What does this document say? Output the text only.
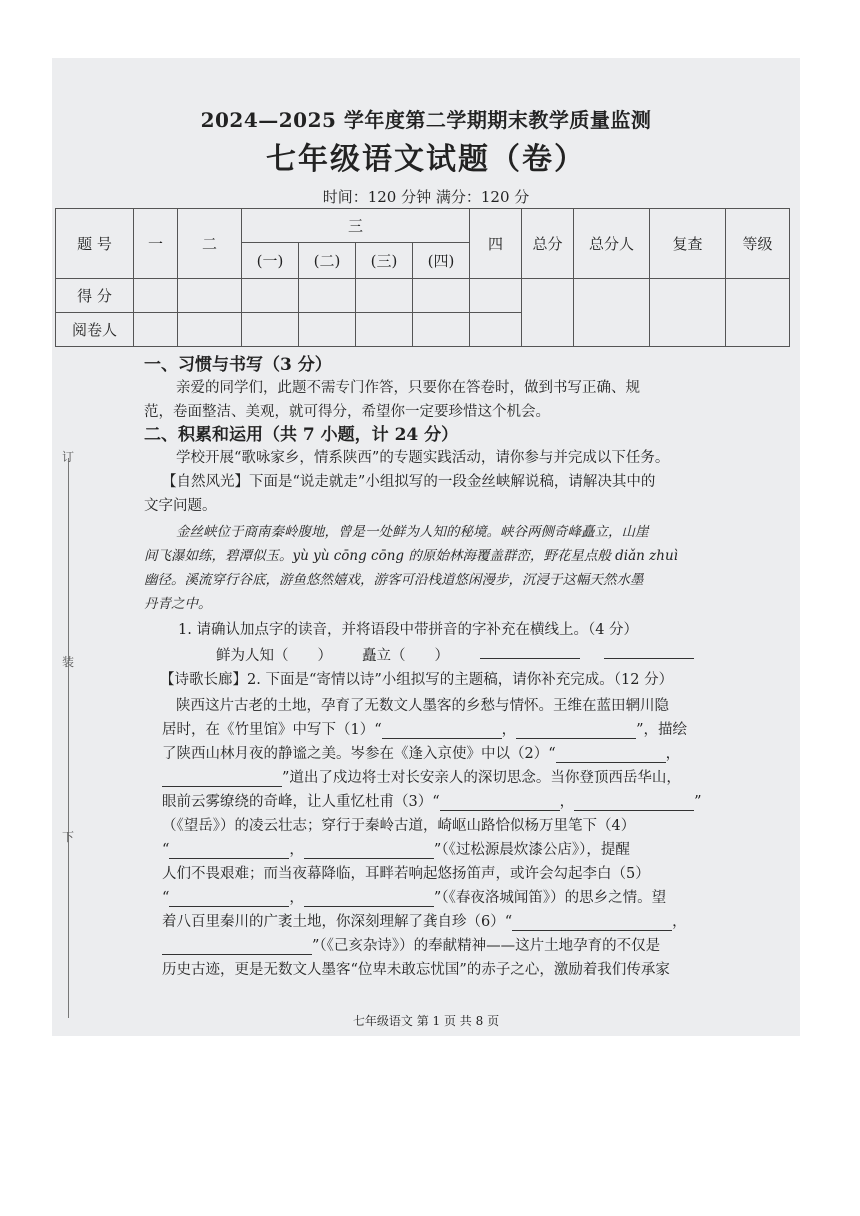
订
装
下
2024—2025 学年度第二学期期末教学质量监测
七年级语文试题（卷）
时间：120 分钟 满分：120 分
题 号	一	二	三				四	总分	总分人	复查	等级
			(一)	(二)	(三)	(四)					
得 分											
阅卷人											
一、习惯与书写（3 分）
亲爱的同学们，此题不需专门作答，只要你在答卷时，做到书写正确、规
范，卷面整洁、美观，就可得分，希望你一定要珍惜这个机会。
二、积累和运用（共 7 小题，计 24 分）
学校开展“歌咏家乡，情系陕西”的专题实践活动，请你参与并完成以下任务。
【自然风光】下面是“说走就走”小组拟写的一段金丝峡解说稿，请解决其中的
文字问题。
金丝峡位于商南秦岭腹地，曾是一处鲜为人知的秘境。峡谷两侧奇峰矗立，山崖
间飞瀑如练，碧潭似玉。yù yù cōng cōng 的原始林海覆盖群峦，野花星点般 diǎn zhuì
幽径。溪流穿行谷底，游鱼悠然嬉戏，游客可沿栈道悠闲漫步，沉浸于这幅天然水墨
丹青之中。
1. 请确认加点字的读音，并将语段中带拼音的字补充在横线上。（4 分）
鲜为人知（　　） 矗立（　　）
【诗歌长廊】2. 下面是“寄情以诗”小组拟写的主题稿，请你补充完成。（12 分）
陕西这片古老的土地，孕育了无数文人墨客的乡愁与情怀。王维在蓝田辋川隐
居时，在《竹里馆》中写下（1）“	，	”，描绘
了陕西山林月夜的静谧之美。岑参在《逢入京使》中以（2）“	，
”道出了戍边将士对长安亲人的深切思念。当你登顶西岳华山，
眼前云雾缭绕的奇峰，让人重忆杜甫（3）“	，	”
（《望岳》）的凌云壮志；穿行于秦岭古道，崎岖山路恰似杨万里笔下（4）
“	，	”（《过松源晨炊漆公店》），提醒
人们不畏艰难；而当夜幕降临，耳畔若响起悠扬笛声，或许会勾起李白（5）
“	，	”（《春夜洛城闻笛》）的思乡之情。望
着八百里秦川的广袤土地，你深刻理解了龚自珍（6）“	，
”（《己亥杂诗》）的奉献精神——这片土地孕育的不仅是
历史古迹，更是无数文人墨客“位卑未敢忘忧国”的赤子之心，激励着我们传承家
七年级语文 第 1 页 共 8 页
